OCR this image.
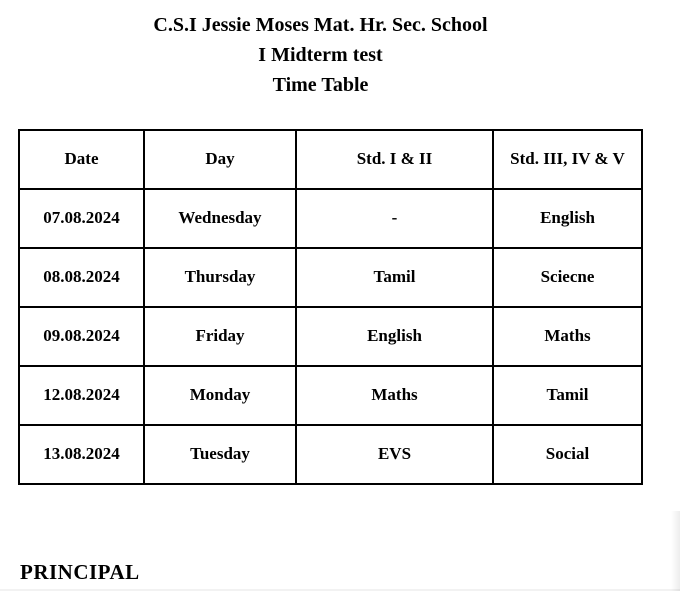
C.S.I Jessie Moses Mat. Hr. Sec. School
I Midterm test
Time Table
Date	Day	Std. I & II	Std. III, IV & V
07.08.2024	Wednesday	-	English
08.08.2024	Thursday	Tamil	Sciecne
09.08.2024	Friday	English	Maths
12.08.2024	Monday	Maths	Tamil
13.08.2024	Tuesday	EVS	Social
PRINCIPAL
